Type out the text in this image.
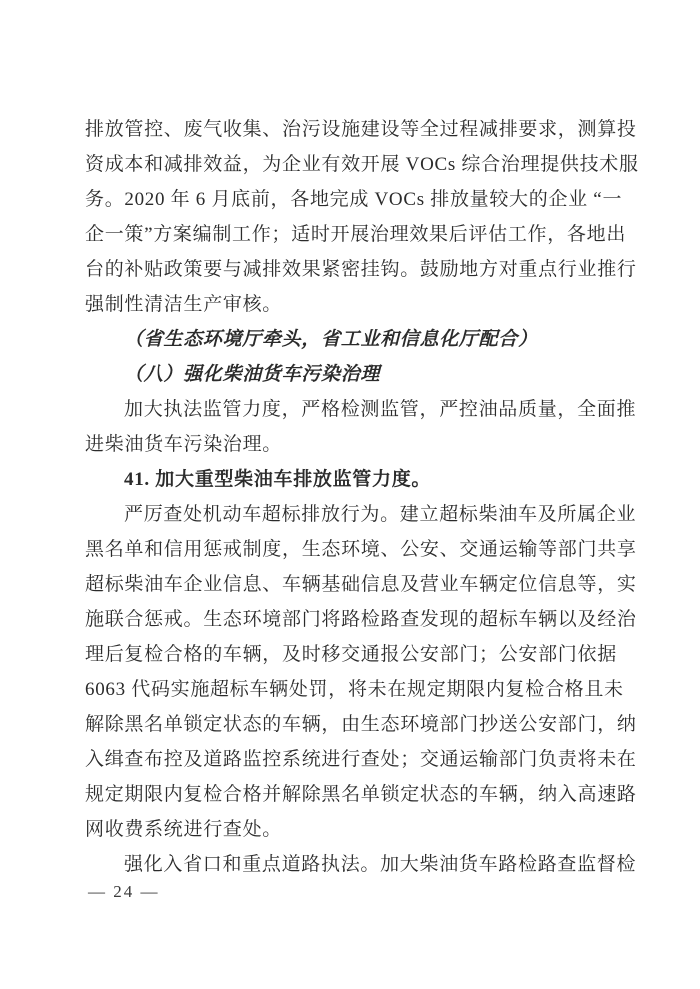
排放管控、废气收集、治污设施建设等全过程减排要求，测算投

资成本和减排效益，为企业有效开展 VOCs 综合治理提供技术服

务。2020 年 6 月底前，各地完成 VOCs 排放量较大的企业 “一

企一策”方案编制工作；适时开展治理效果后评估工作，各地出

台的补贴政策要与减排效果紧密挂钩。鼓励地方对重点行业推行

强制性清洁生产审核。

（省生态环境厅牵头，省工业和信息化厅配合）

（八）强化柴油货车污染治理

加大执法监管力度，严格检测监管，严控油品质量，全面推

进柴油货车污染治理。

41. 加大重型柴油车排放监管力度。

严厉查处机动车超标排放行为。建立超标柴油车及所属企业

黑名单和信用惩戒制度，生态环境、公安、交通运输等部门共享

超标柴油车企业信息、车辆基础信息及营业车辆定位信息等，实

施联合惩戒。生态环境部门将路检路查发现的超标车辆以及经治

理后复检合格的车辆，及时移交通报公安部门；公安部门依据

6063 代码实施超标车辆处罚，将未在规定期限内复检合格且未

解除黑名单锁定状态的车辆，由生态环境部门抄送公安部门，纳

入缉查布控及道路监控系统进行查处；交通运输部门负责将未在

规定期限内复检合格并解除黑名单锁定状态的车辆，纳入高速路

网收费系统进行查处。

强化入省口和重点道路执法。加大柴油货车路检路查监督检

— 24 —
